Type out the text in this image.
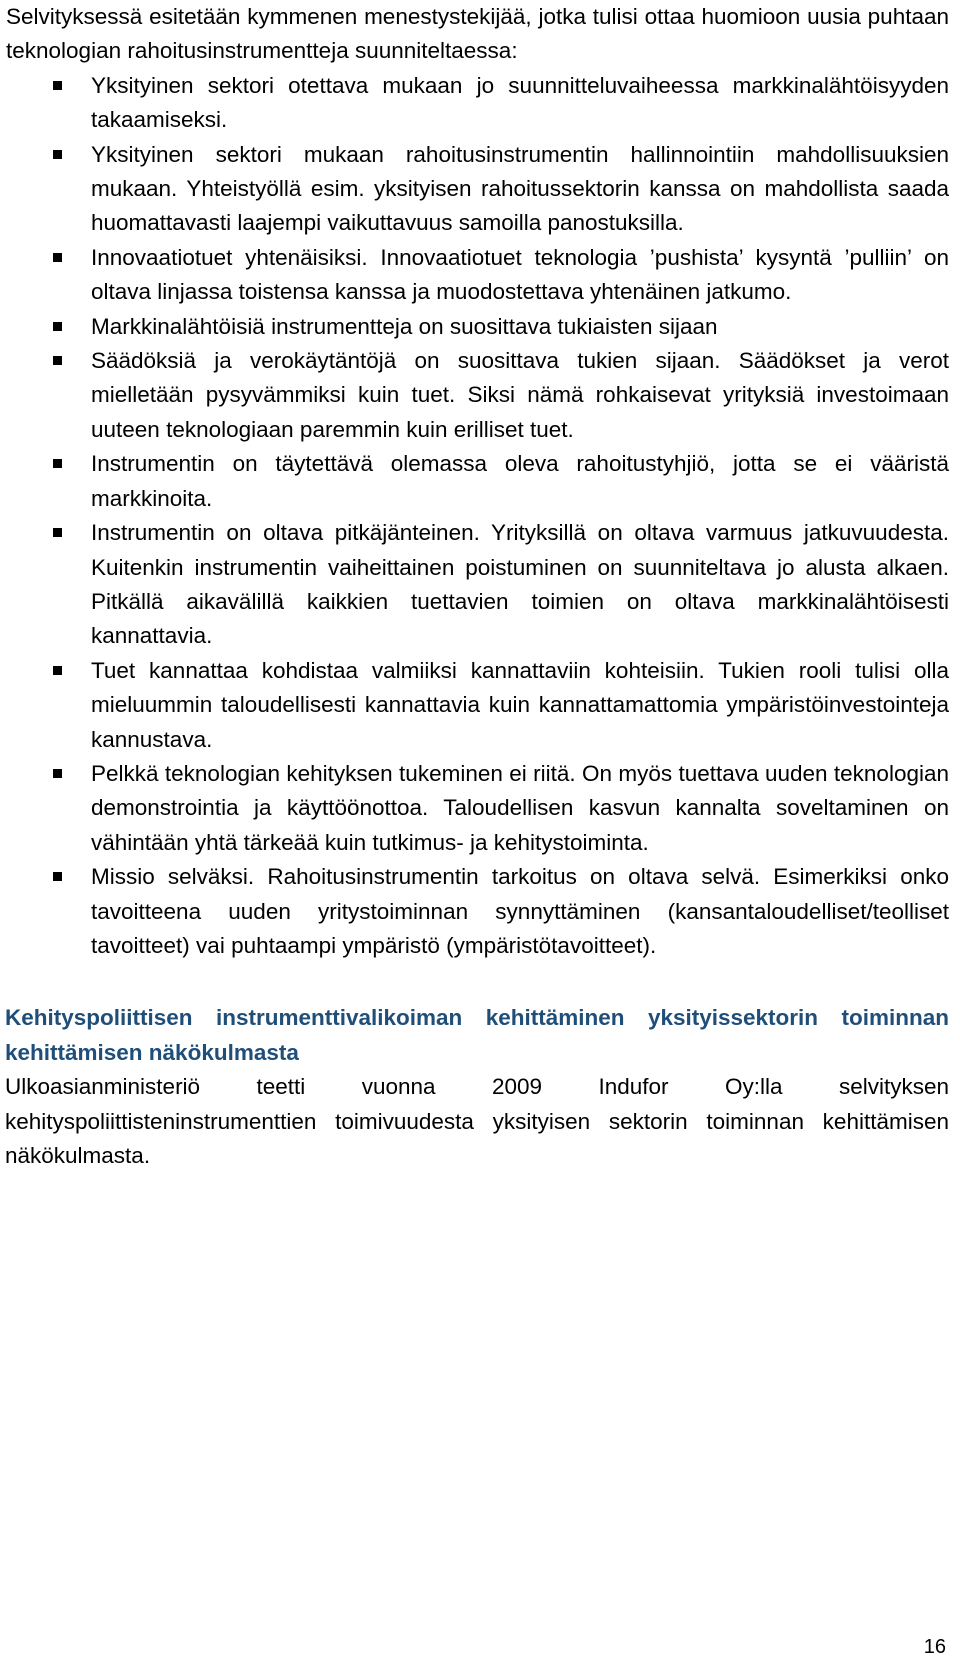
Selvityksessä esitetään kymmenen menestystekijää, jotka tulisi ottaa huomioon uusia puhtaan teknologian rahoitusinstrumentteja suunniteltaessa:

Yksityinen sektori otettava mukaan jo suunnitteluvaiheessa markkinalähtöisyyden takaamiseksi.
Yksityinen sektori mukaan rahoitusinstrumentin hallinnointiin mahdollisuuksien mukaan. Yhteistyöllä esim. yksityisen rahoitussektorin kanssa on mahdollista saada huomattavasti laajempi vaikuttavuus samoilla panostuksilla.
Innovaatiotuet yhtenäisiksi. Innovaatiotuet teknologia ’pushista’ kysyntä ’pulliin’ on oltava linjassa toistensa kanssa ja muodostettava yhtenäinen jatkumo.
Markkinalähtöisiä instrumentteja on suosittava tukiaisten sijaan
Säädöksiä ja verokäytäntöjä on suosittava tukien sijaan. Säädökset ja verot mielletään pysyvämmiksi kuin tuet. Siksi nämä rohkaisevat yrityksiä investoimaan uuteen teknologiaan paremmin kuin erilliset tuet.
Instrumentin on täytettävä olemassa oleva rahoitustyhjiö, jotta se ei vääristä markkinoita.
Instrumentin on oltava pitkäjänteinen. Yrityksillä on oltava varmuus jatkuvuudesta. Kuitenkin instrumentin vaiheittainen poistuminen on suunniteltava jo alusta alkaen. Pitkällä aikavälillä kaikkien tuettavien toimien on oltava markkinalähtöisesti kannattavia.
Tuet kannattaa kohdistaa valmiiksi kannattaviin kohteisiin. Tukien rooli tulisi olla mieluummin taloudellisesti kannattavia kuin kannattamattomia ympäristöinvestointeja kannustava.
Pelkkä teknologian kehityksen tukeminen ei riitä. On myös tuettava uuden teknologian demonstrointia ja käyttöönottoa. Taloudellisen kasvun kannalta soveltaminen on vähintään yhtä tärkeää kuin tutkimus- ja kehitystoiminta.
Missio selväksi. Rahoitusinstrumentin tarkoitus on oltava selvä. Esimerkiksi onko tavoitteena uuden yritystoiminnan synnyttäminen (kansantaloudelliset/teolliset tavoitteet) vai puhtaampi ympäristö (ympäristötavoitteet).
Kehityspoliittisen instrumenttivalikoiman kehittäminen yksityissektorin toiminnan kehittämisen näkökulmasta

Ulkoasianministeriö teetti vuonna 2009 Indufor Oy:lla selvityksen kehityspoliittisteninstrumenttien toimivuudesta yksityisen sektorin toiminnan kehittämisen näkökulmasta.

16
